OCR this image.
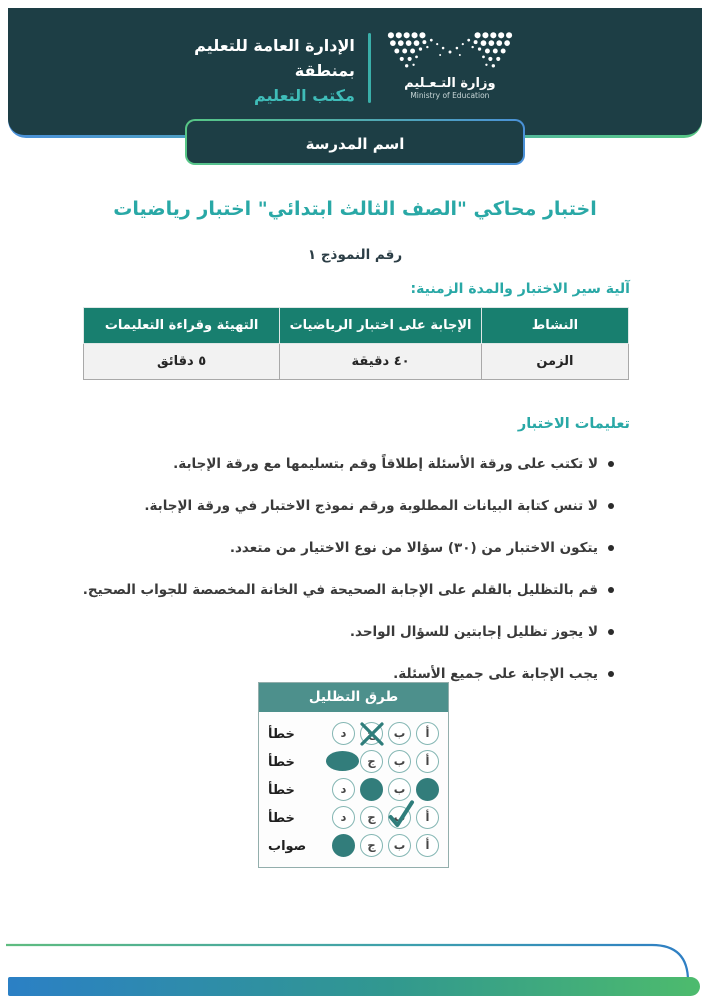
وزارة التـعـليم
Ministry of Education
الإدارة العامة للتعليم
بمنطقة
مكتب التعليم
اسم المدرسة
اختبار محاكي "الصف الثالث ابتدائي" اختبار رياضيات
رقم النموذج ١
آلية سير الاختبار والمدة الزمنية:
النشاط	الإجابة على اختبار الرياضيات	التهيئة وقراءة التعليمات
الزمن	٤٠ دقيقة	٥ دقائق
تعليمات الاختبار
لا تكتب على ورقة الأسئلة إطلاقاً وقم بتسليمها مع ورقة الإجابة.
لا تنس كتابة البيانات المطلوبة ورقم نموذج الاختبار في ورقة الإجابة.
يتكون الاختبار من (٣٠) سؤالا من نوع الاختيار من متعدد.
قم بالتظليل بالقلم على الإجابة الصحيحة في الخانة المخصصة للجواب الصحيح.
لا يجوز تظليل إجابتين للسؤال الواحد.
يجب الإجابة على جميع الأسئلة.
طرق التظليل
أ
ب
ج
د
خطأ
أ
ب
ج
خطأ
ب
د
خطأ
أ
ب
ج
د
خطأ
أ
ب
ج
صواب
